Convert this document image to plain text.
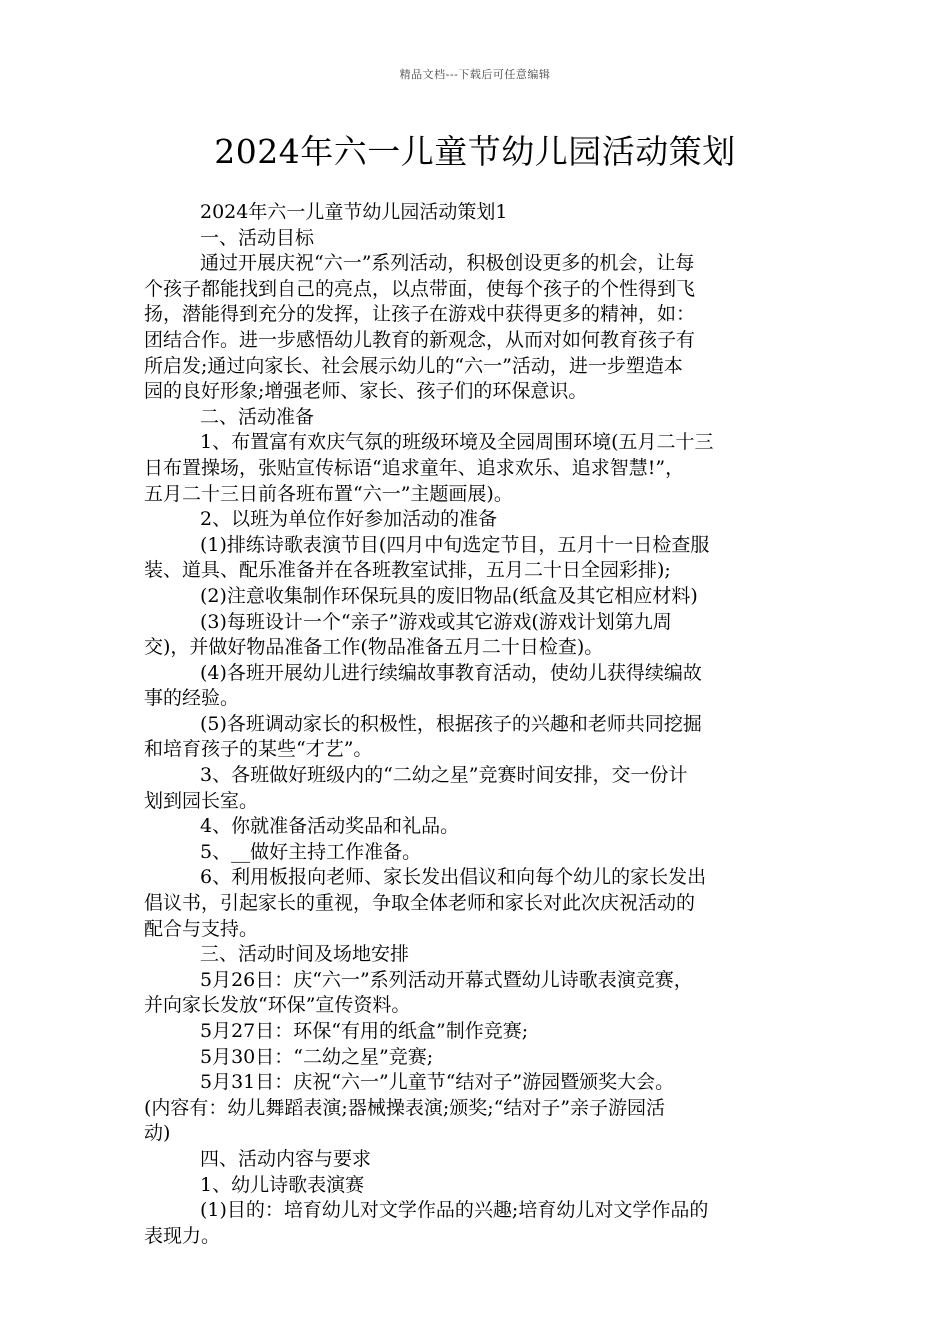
精品文档---下载后可任意编辑
2024年六一儿童节幼儿园活动策划

2024年六一儿童节幼儿园活动策划1

一、活动目标

通过开展庆祝“六一”系列活动，积极创设更多的机会，让每

个孩子都能找到自己的亮点，以点带面，使每个孩子的个性得到飞

扬，潜能得到充分的发挥，让孩子在游戏中获得更多的精神，如：

团结合作。进一步感悟幼儿教育的新观念，从而对如何教育孩子有

所启发;通过向家长、社会展示幼儿的“六一”活动，进一步塑造本

园的良好形象;增强老师、家长、孩子们的环保意识。

二、活动准备

1、布置富有欢庆气氛的班级环境及全园周围环境(五月二十三

日布置操场，张贴宣传标语“追求童年、追求欢乐、追求智慧!”，

五月二十三日前各班布置“六一”主题画展)。

2、以班为单位作好参加活动的准备

(1)排练诗歌表演节目(四月中旬选定节目，五月十一日检查服

装、道具、配乐准备并在各班教室试排，五月二十日全园彩排);

(2)注意收集制作环保玩具的废旧物品(纸盒及其它相应材料)

(3)每班设计一个“亲子”游戏或其它游戏(游戏计划第九周

交)，并做好物品准备工作(物品准备五月二十日检查)。

(4)各班开展幼儿进行续编故事教育活动，使幼儿获得续编故

事的经验。

(5)各班调动家长的积极性，根据孩子的兴趣和老师共同挖掘

和培育孩子的某些“才艺”。

3、各班做好班级内的“二幼之星”竞赛时间安排，交一份计

划到园长室。

4、你就准备活动奖品和礼品。

5、__做好主持工作准备。

6、利用板报向老师、家长发出倡议和向每个幼儿的家长发出

倡议书，引起家长的重视，争取全体老师和家长对此次庆祝活动的

配合与支持。

三、活动时间及场地安排

5月26日：庆“六一”系列活动开幕式暨幼儿诗歌表演竞赛，

并向家长发放“环保”宣传资料。

5月27日：环保“有用的纸盒”制作竞赛;

5月30日：“二幼之星”竞赛;

5月31日：庆祝“六一”儿童节“结对子”游园暨颁奖大会。

(内容有：幼儿舞蹈表演;器械操表演;颁奖;“结对子”亲子游园活

动)

四、活动内容与要求

1、幼儿诗歌表演赛

(1)目的：培育幼儿对文学作品的兴趣;培育幼儿对文学作品的

表现力。
